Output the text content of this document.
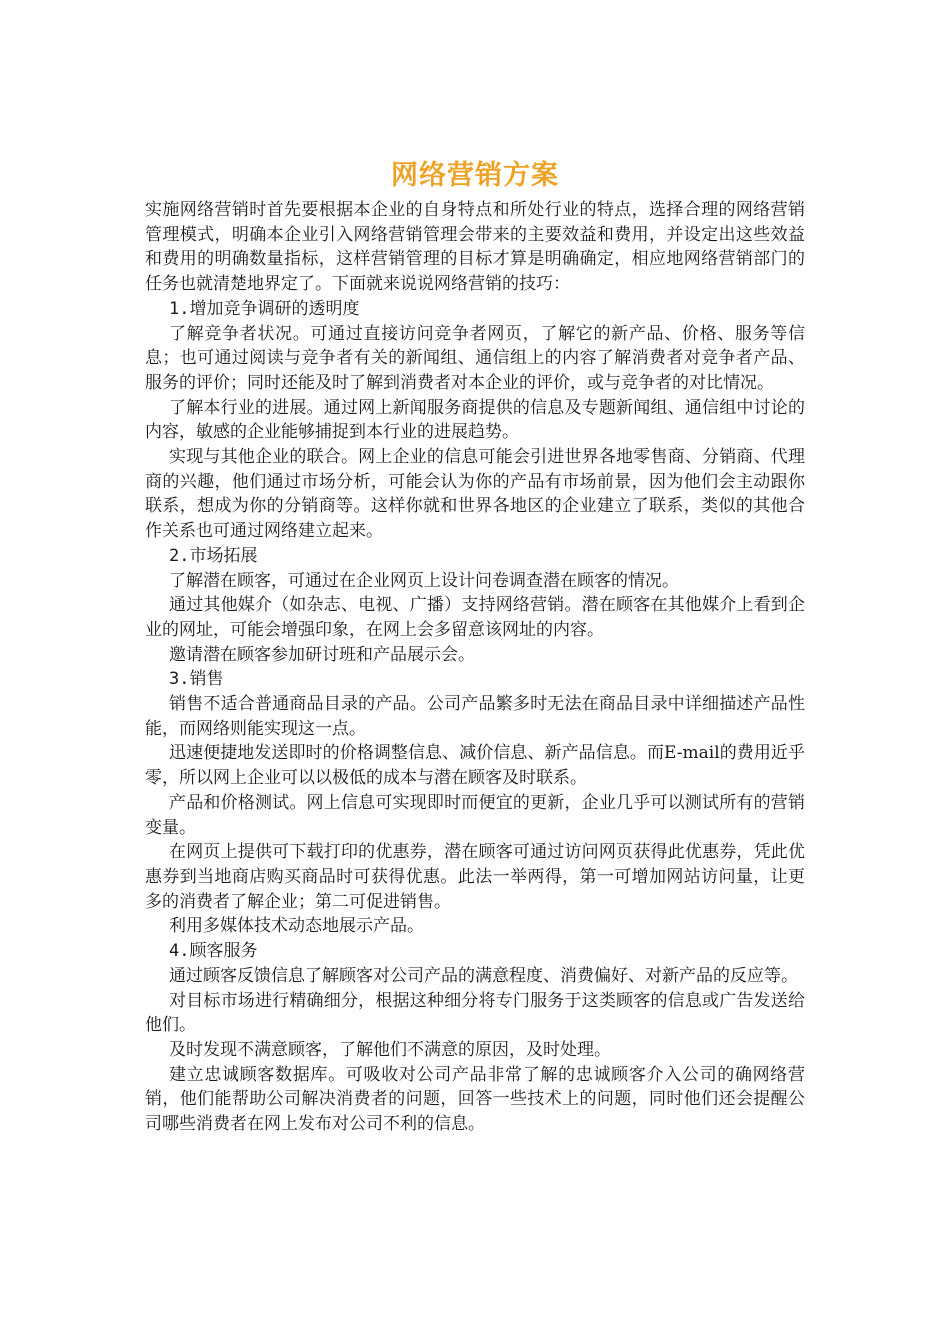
网络营销方案

实施网络营销时首先要根据本企业的自身特点和所处行业的特点，选择合理的网络营销管理模式，明确本企业引入网络营销管理会带来的主要效益和费用，并设定出这些效益和费用的明确数量指标，这样营销管理的目标才算是明确确定，相应地网络营销部门的任务也就清楚地界定了。下面就来说说网络营销的技巧：

1.增加竞争调研的透明度

了解竞争者状况。可通过直接访问竞争者网页，了解它的新产品、价格、服务等信息；也可通过阅读与竞争者有关的新闻组、通信组上的内容了解消费者对竞争者产品、服务的评价；同时还能及时了解到消费者对本企业的评价，或与竞争者的对比情况。

了解本行业的进展。通过网上新闻服务商提供的信息及专题新闻组、通信组中讨论的内容，敏感的企业能够捕捉到本行业的进展趋势。

实现与其他企业的联合。网上企业的信息可能会引进世界各地零售商、分销商、代理商的兴趣，他们通过市场分析，可能会认为你的产品有市场前景，因为他们会主动跟你联系，想成为你的分销商等。这样你就和世界各地区的企业建立了联系，类似的其他合作关系也可通过网络建立起来。

2.市场拓展

了解潜在顾客，可通过在企业网页上设计问卷调查潜在顾客的情况。

通过其他媒介（如杂志、电视、广播）支持网络营销。潜在顾客在其他媒介上看到企业的网址，可能会增强印象，在网上会多留意该网址的内容。

邀请潜在顾客参加研讨班和产品展示会。

3.销售

销售不适合普通商品目录的产品。公司产品繁多时无法在商品目录中详细描述产品性能，而网络则能实现这一点。

迅速便捷地发送即时的价格调整信息、减价信息、新产品信息。而E-mail的费用近乎零，所以网上企业可以以极低的成本与潜在顾客及时联系。

产品和价格测试。网上信息可实现即时而便宜的更新，企业几乎可以测试所有的营销变量。

在网页上提供可下载打印的优惠券，潜在顾客可通过访问网页获得此优惠券，凭此优惠券到当地商店购买商品时可获得优惠。此法一举两得，第一可增加网站访问量，让更多的消费者了解企业；第二可促进销售。

利用多媒体技术动态地展示产品。

4.顾客服务

通过顾客反馈信息了解顾客对公司产品的满意程度、消费偏好、对新产品的反应等。

对目标市场进行精确细分，根据这种细分将专门服务于这类顾客的信息或广告发送给他们。

及时发现不满意顾客，了解他们不满意的原因，及时处理。

建立忠诚顾客数据库。可吸收对公司产品非常了解的忠诚顾客介入公司的确网络营销，他们能帮助公司解决消费者的问题，回答一些技术上的问题，同时他们还会提醒公司哪些消费者在网上发布对公司不利的信息。
